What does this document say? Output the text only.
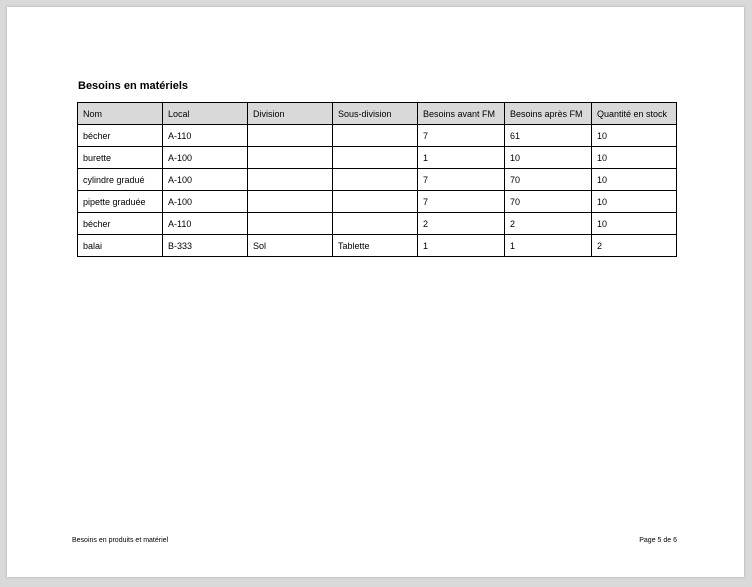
Besoins en matériels
Nom	Local	Division	Sous-division	Besoins avant FM	Besoins après FM	Quantité en stock
bécher	A-110			7	61	10
burette	A-100			1	10	10
cylindre gradué	A-100			7	70	10
pipette graduée	A-100			7	70	10
bécher	A-110			2	2	10
balai	B-333	Sol	Tablette	1	1	2
Besoins en produits et matériel	Page 5 de 6
